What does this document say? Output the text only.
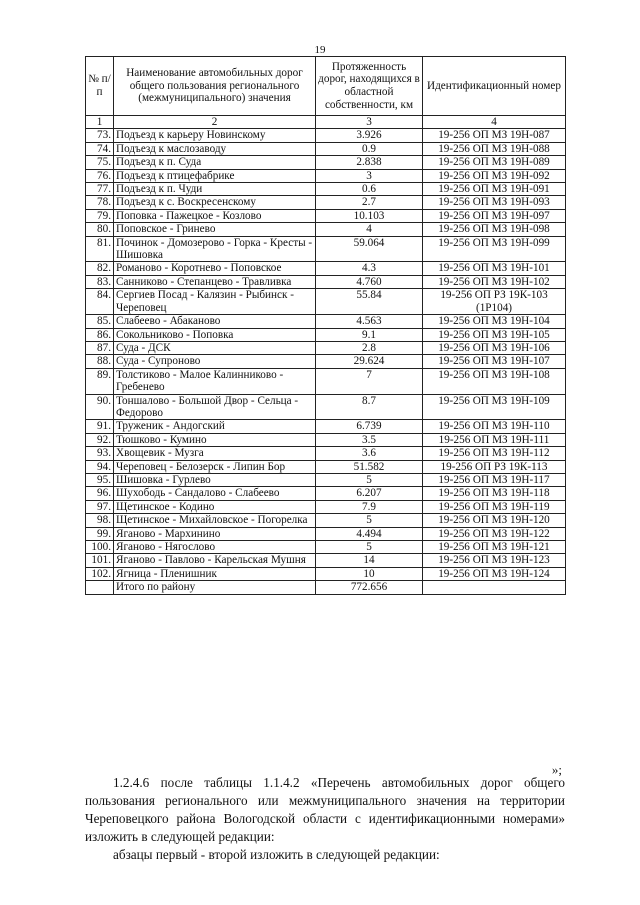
19
№ п/п	Наименование автомобильных дорог общего пользования регионального (межмуниципального) значения	Протяженность дорог, находящихся в областной собственности, км	Идентификационный номер
1	2	3	4
73.	Подъезд к карьеру Новинскому	3.926	19-256 ОП МЗ 19Н-087
74.	Подъезд к маслозаводу	0.9	19-256 ОП МЗ 19Н-088
75.	Подъезд к п. Суда	2.838	19-256 ОП МЗ 19Н-089
76.	Подъезд к птицефабрике	3	19-256 ОП МЗ 19Н-092
77.	Подъезд к п. Чуди	0.6	19-256 ОП МЗ 19Н-091
78.	Подъезд к с. Воскресенскому	2.7	19-256 ОП МЗ 19Н-093
79.	Поповка - Пажецкое - Козлово	10.103	19-256 ОП МЗ 19Н-097
80.	Поповское - Гринево	4	19-256 ОП МЗ 19Н-098
81.	Починок - Домозерово - Горка - Кресты - Шишовка	59.064	19-256 ОП МЗ 19Н-099
82.	Романово - Коротнево - Поповское	4.3	19-256 ОП МЗ 19Н-101
83.	Санниково - Степанцево - Травливка	4.760	19-256 ОП МЗ 19Н-102
84.	Сергиев Посад - Калязин - Рыбинск - Череповец	55.84	19-256 ОП РЗ 19К-103 (1Р104)
85.	Слабеево - Абаканово	4.563	19-256 ОП МЗ 19Н-104
86.	Сокольниково - Поповка	9.1	19-256 ОП МЗ 19Н-105
87.	Суда - ДСК	2.8	19-256 ОП МЗ 19Н-106
88.	Суда - Супроново	29.624	19-256 ОП МЗ 19Н-107
89.	Толстиково - Малое Калинниково - Гребенево	7	19-256 ОП МЗ 19Н-108
90.	Тоншалово - Большой Двор - Сельца - Федорово	8.7	19-256 ОП МЗ 19Н-109
91.	Труженик - Андогский	6.739	19-256 ОП МЗ 19Н-110
92.	Тюшково - Кумино	3.5	19-256 ОП МЗ 19Н-111
93.	Хвощевик - Музга	3.6	19-256 ОП МЗ 19Н-112
94.	Череповец - Белозерск - Липин Бор	51.582	19-256 ОП РЗ 19К-113
95.	Шишовка - Гурлево	5	19-256 ОП МЗ 19Н-117
96.	Шухободь - Сандалово - Слабеево	6.207	19-256 ОП МЗ 19Н-118
97.	Щетинское - Кодино	7.9	19-256 ОП МЗ 19Н-119
98.	Щетинское - Михайловское - Погорелка	5	19-256 ОП МЗ 19Н-120
99.	Яганово - Мархинино	4.494	19-256 ОП МЗ 19Н-122
100.	Яганово - Нягослово	5	19-256 ОП МЗ 19Н-121
101.	Яганово - Павлово - Карельская Мушня	14	19-256 ОП МЗ 19Н-123
102.	Ягница - Пленишник	10	19-256 ОП МЗ 19Н-124
	Итого по району	772.656	
»;
1.2.4.6 после таблицы 1.1.4.2 «Перечень автомобильных дорог общего пользования регионального или межмуниципального значения на территории Череповецкого района Вологодской области с идентификационными номерами» изложить в следующей редакции:
абзацы первый - второй изложить в следующей редакции:
